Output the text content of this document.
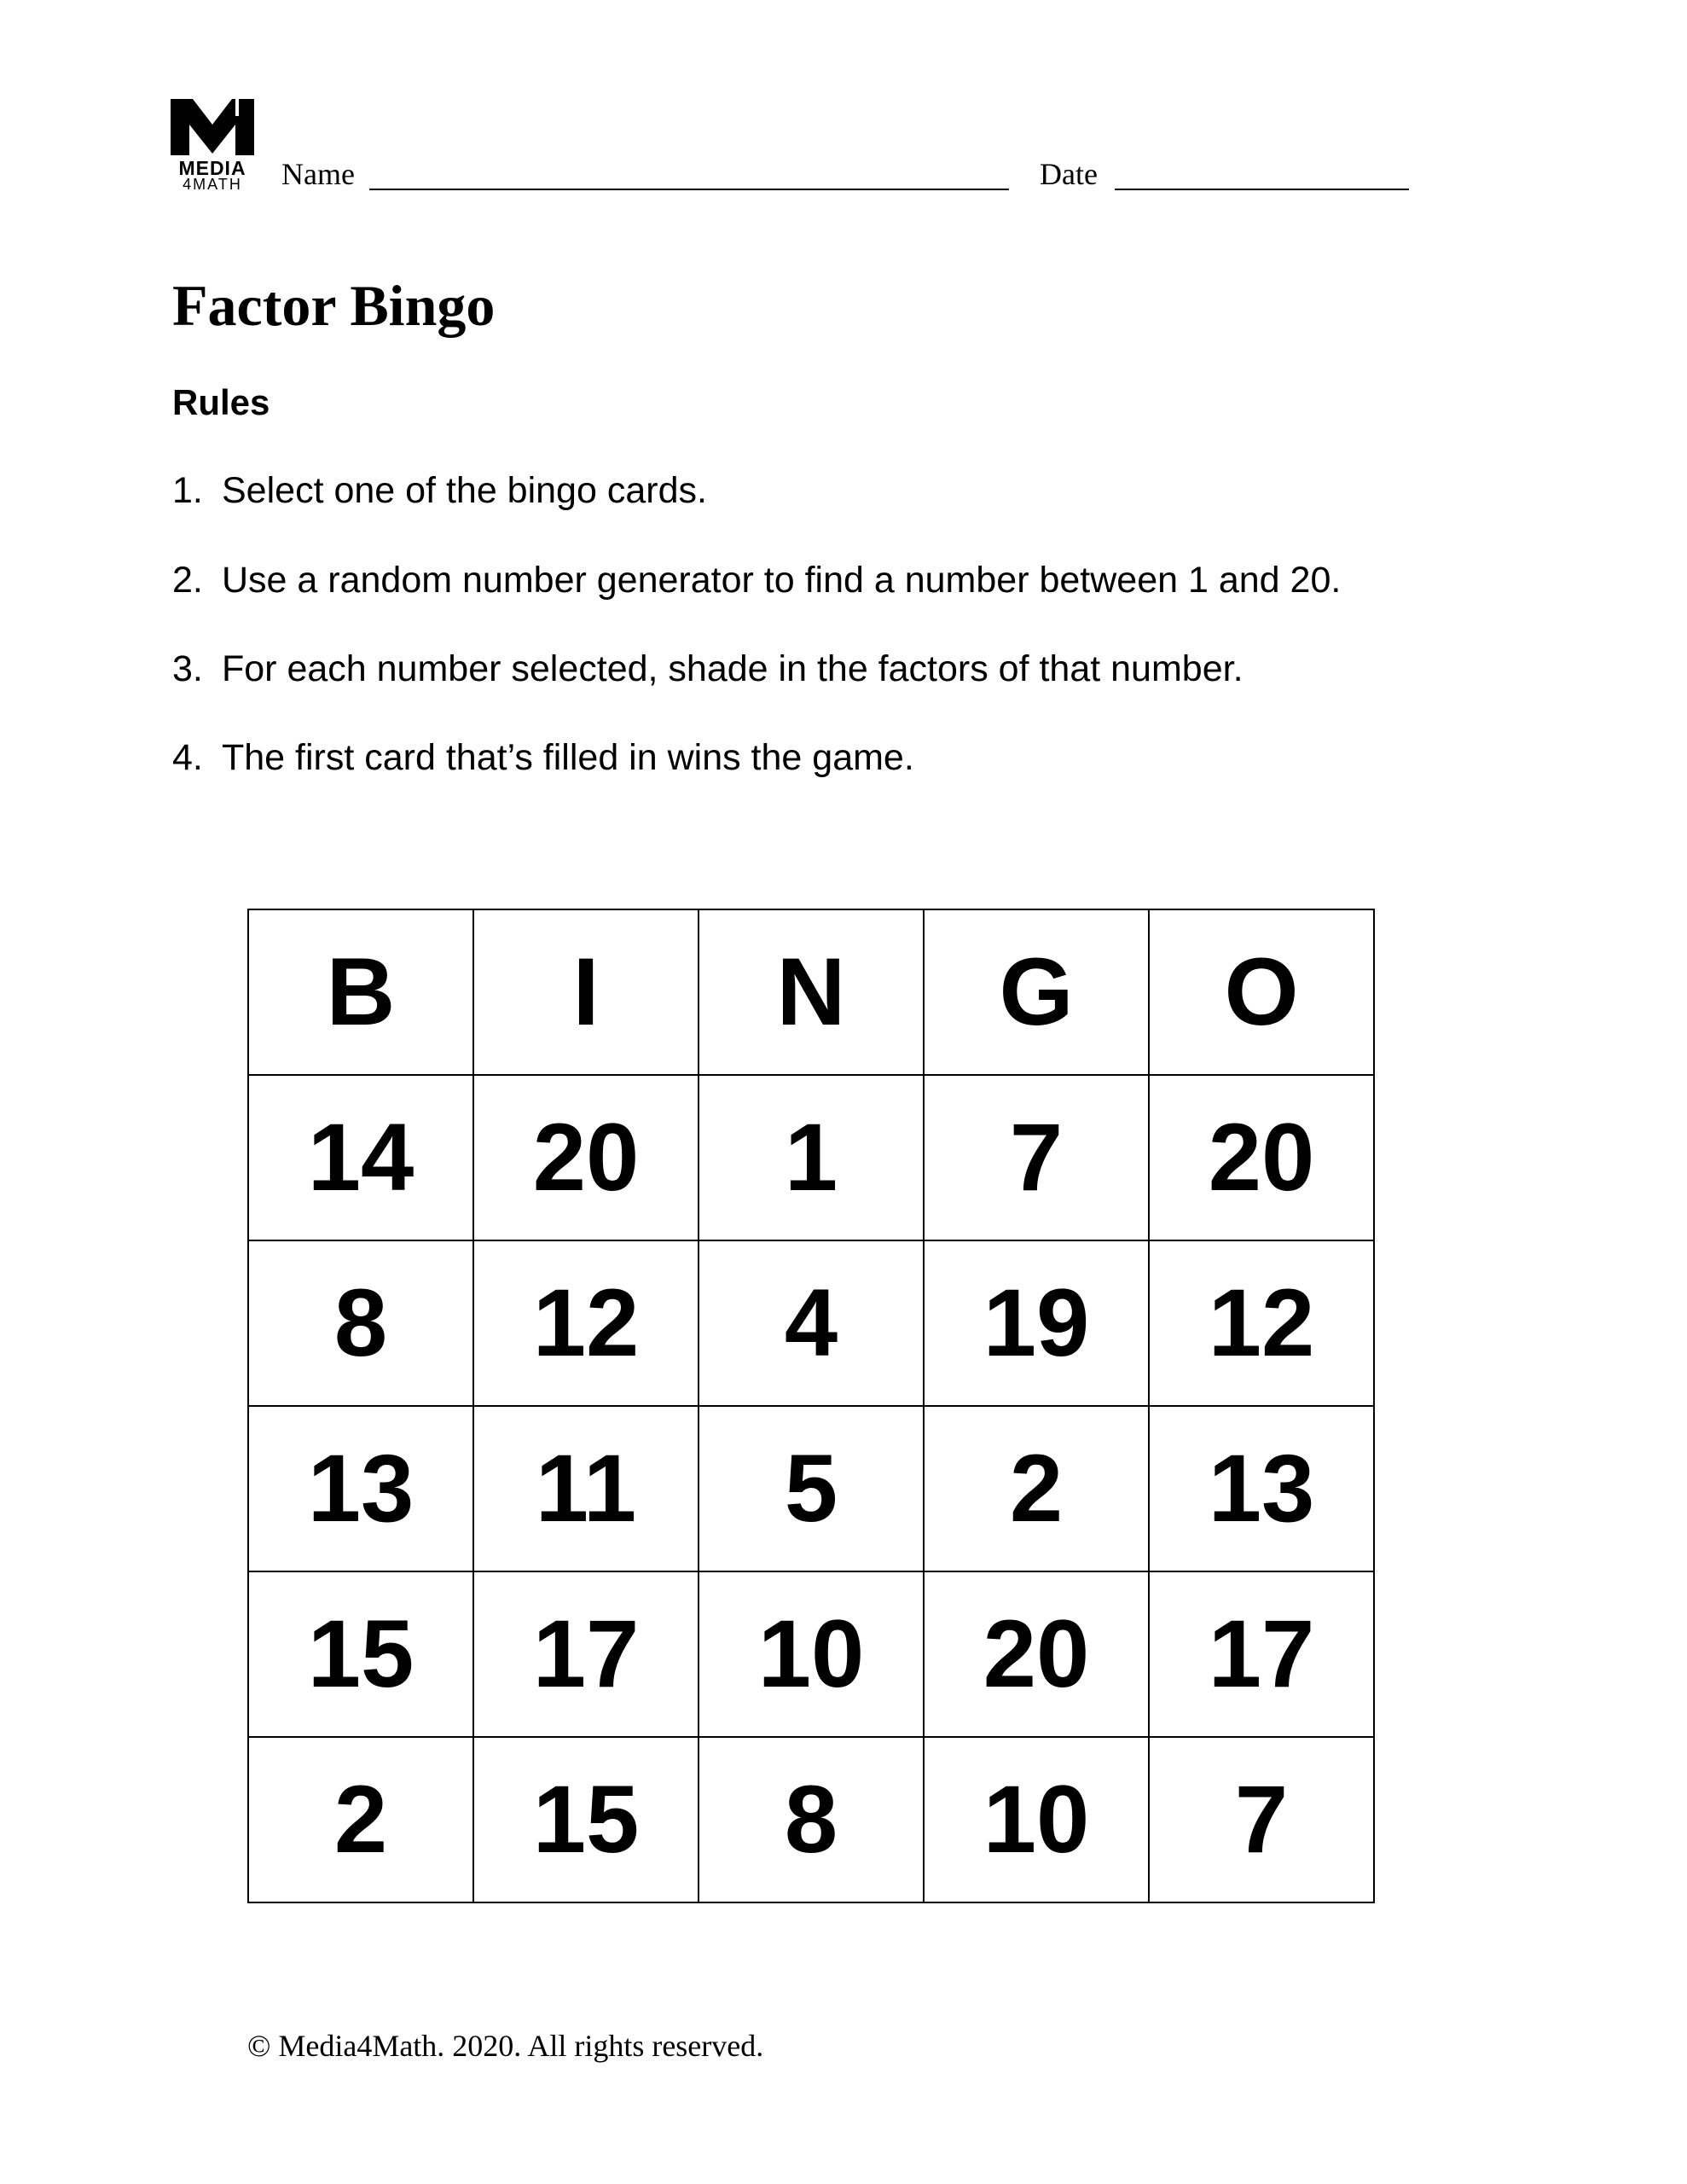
MEDIA
4MATH	Name	Date
Factor Bingo
Rules
1. Select one of the bingo cards.
2. Use a random number generator to find a number between 1 and 20.
3. For each number selected, shade in the factors of that number.
4. The first card that’s filled in wins the game.
B	I	N	G	O
14	20	1	7	20
8	12	4	19	12
13	11	5	2	13
15	17	10	20	17
2	15	8	10	7
© Media4Math. 2020. All rights reserved.
